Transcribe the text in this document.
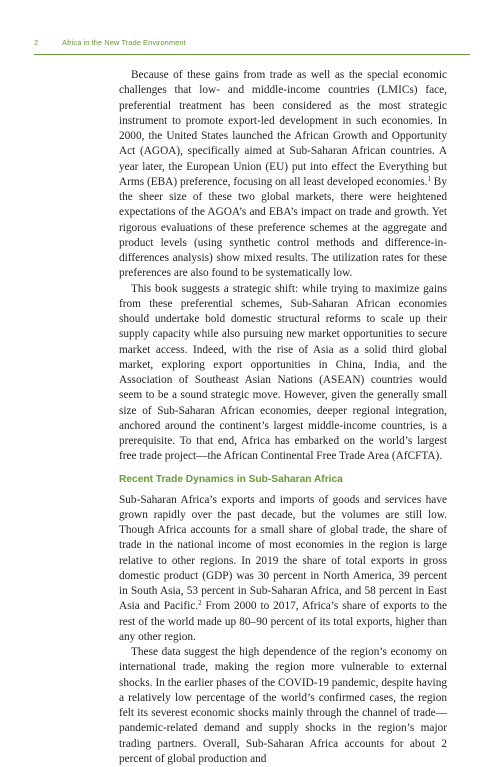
2	Africa in the New Trade Environment

Because of these gains from trade as well as the special economic challenges that low- and middle-income countries (LMICs) face, preferential treatment has been considered as the most strategic instrument to promote export-led development in such economies. In 2000, the United States launched the African Growth and Opportunity Act (AGOA), specifically aimed at Sub-Saharan African countries. A year later, the European Union (EU) put into effect the Everything but Arms (EBA) preference, focusing on all least developed economies.$^1$ By the sheer size of these two global markets, there were heightened expectations of the AGOA’s and EBA’s impact on trade and growth. Yet rigorous evaluations of these preference schemes at the aggregate and product levels (using synthetic control methods and difference-in-differences analysis) show mixed results. The utilization rates for these preferences are also found to be systematically low.

This book suggests a strategic shift: while trying to maximize gains from these preferential schemes, Sub-Saharan African economies should undertake bold domestic structural reforms to scale up their supply capacity while also pursuing new market opportunities to secure market access. Indeed, with the rise of Asia as a solid third global market, exploring export opportunities in China, India, and the Association of Southeast Asian Nations (ASEAN) countries would seem to be a sound strategic move. However, given the generally small size of Sub-Saharan African economies, deeper regional integration, anchored around the continent’s largest middle-income countries, is a prerequisite. To that end, Africa has embarked on the world’s largest free trade project—the African Continental Free Trade Area (AfCFTA).

Recent Trade Dynamics in Sub-Saharan Africa

Sub-Saharan Africa’s exports and imports of goods and services have grown rapidly over the past decade, but the volumes are still low. Though Africa accounts for a small share of global trade, the share of trade in the national income of most economies in the region is large relative to other regions. In 2019 the share of total exports in gross domestic product (GDP) was 30 percent in North America, 39 percent in South Asia, 53 percent in Sub-Saharan Africa, and 58 percent in East Asia and Pacific.$^2$ From 2000 to 2017, Africa’s share of exports to the rest of the world made up 80–90 percent of its total exports, higher than any other region.

These data suggest the high dependence of the region’s economy on international trade, making the region more vulnerable to external shocks. In the earlier phases of the COVID-19 pandemic, despite having a relatively low percentage of the world’s confirmed cases, the region felt its severest economic shocks mainly through the channel of trade—pandemic-related demand and supply shocks in the region’s major trading partners. Overall, Sub-Saharan Africa accounts for about 2 percent of global production and
